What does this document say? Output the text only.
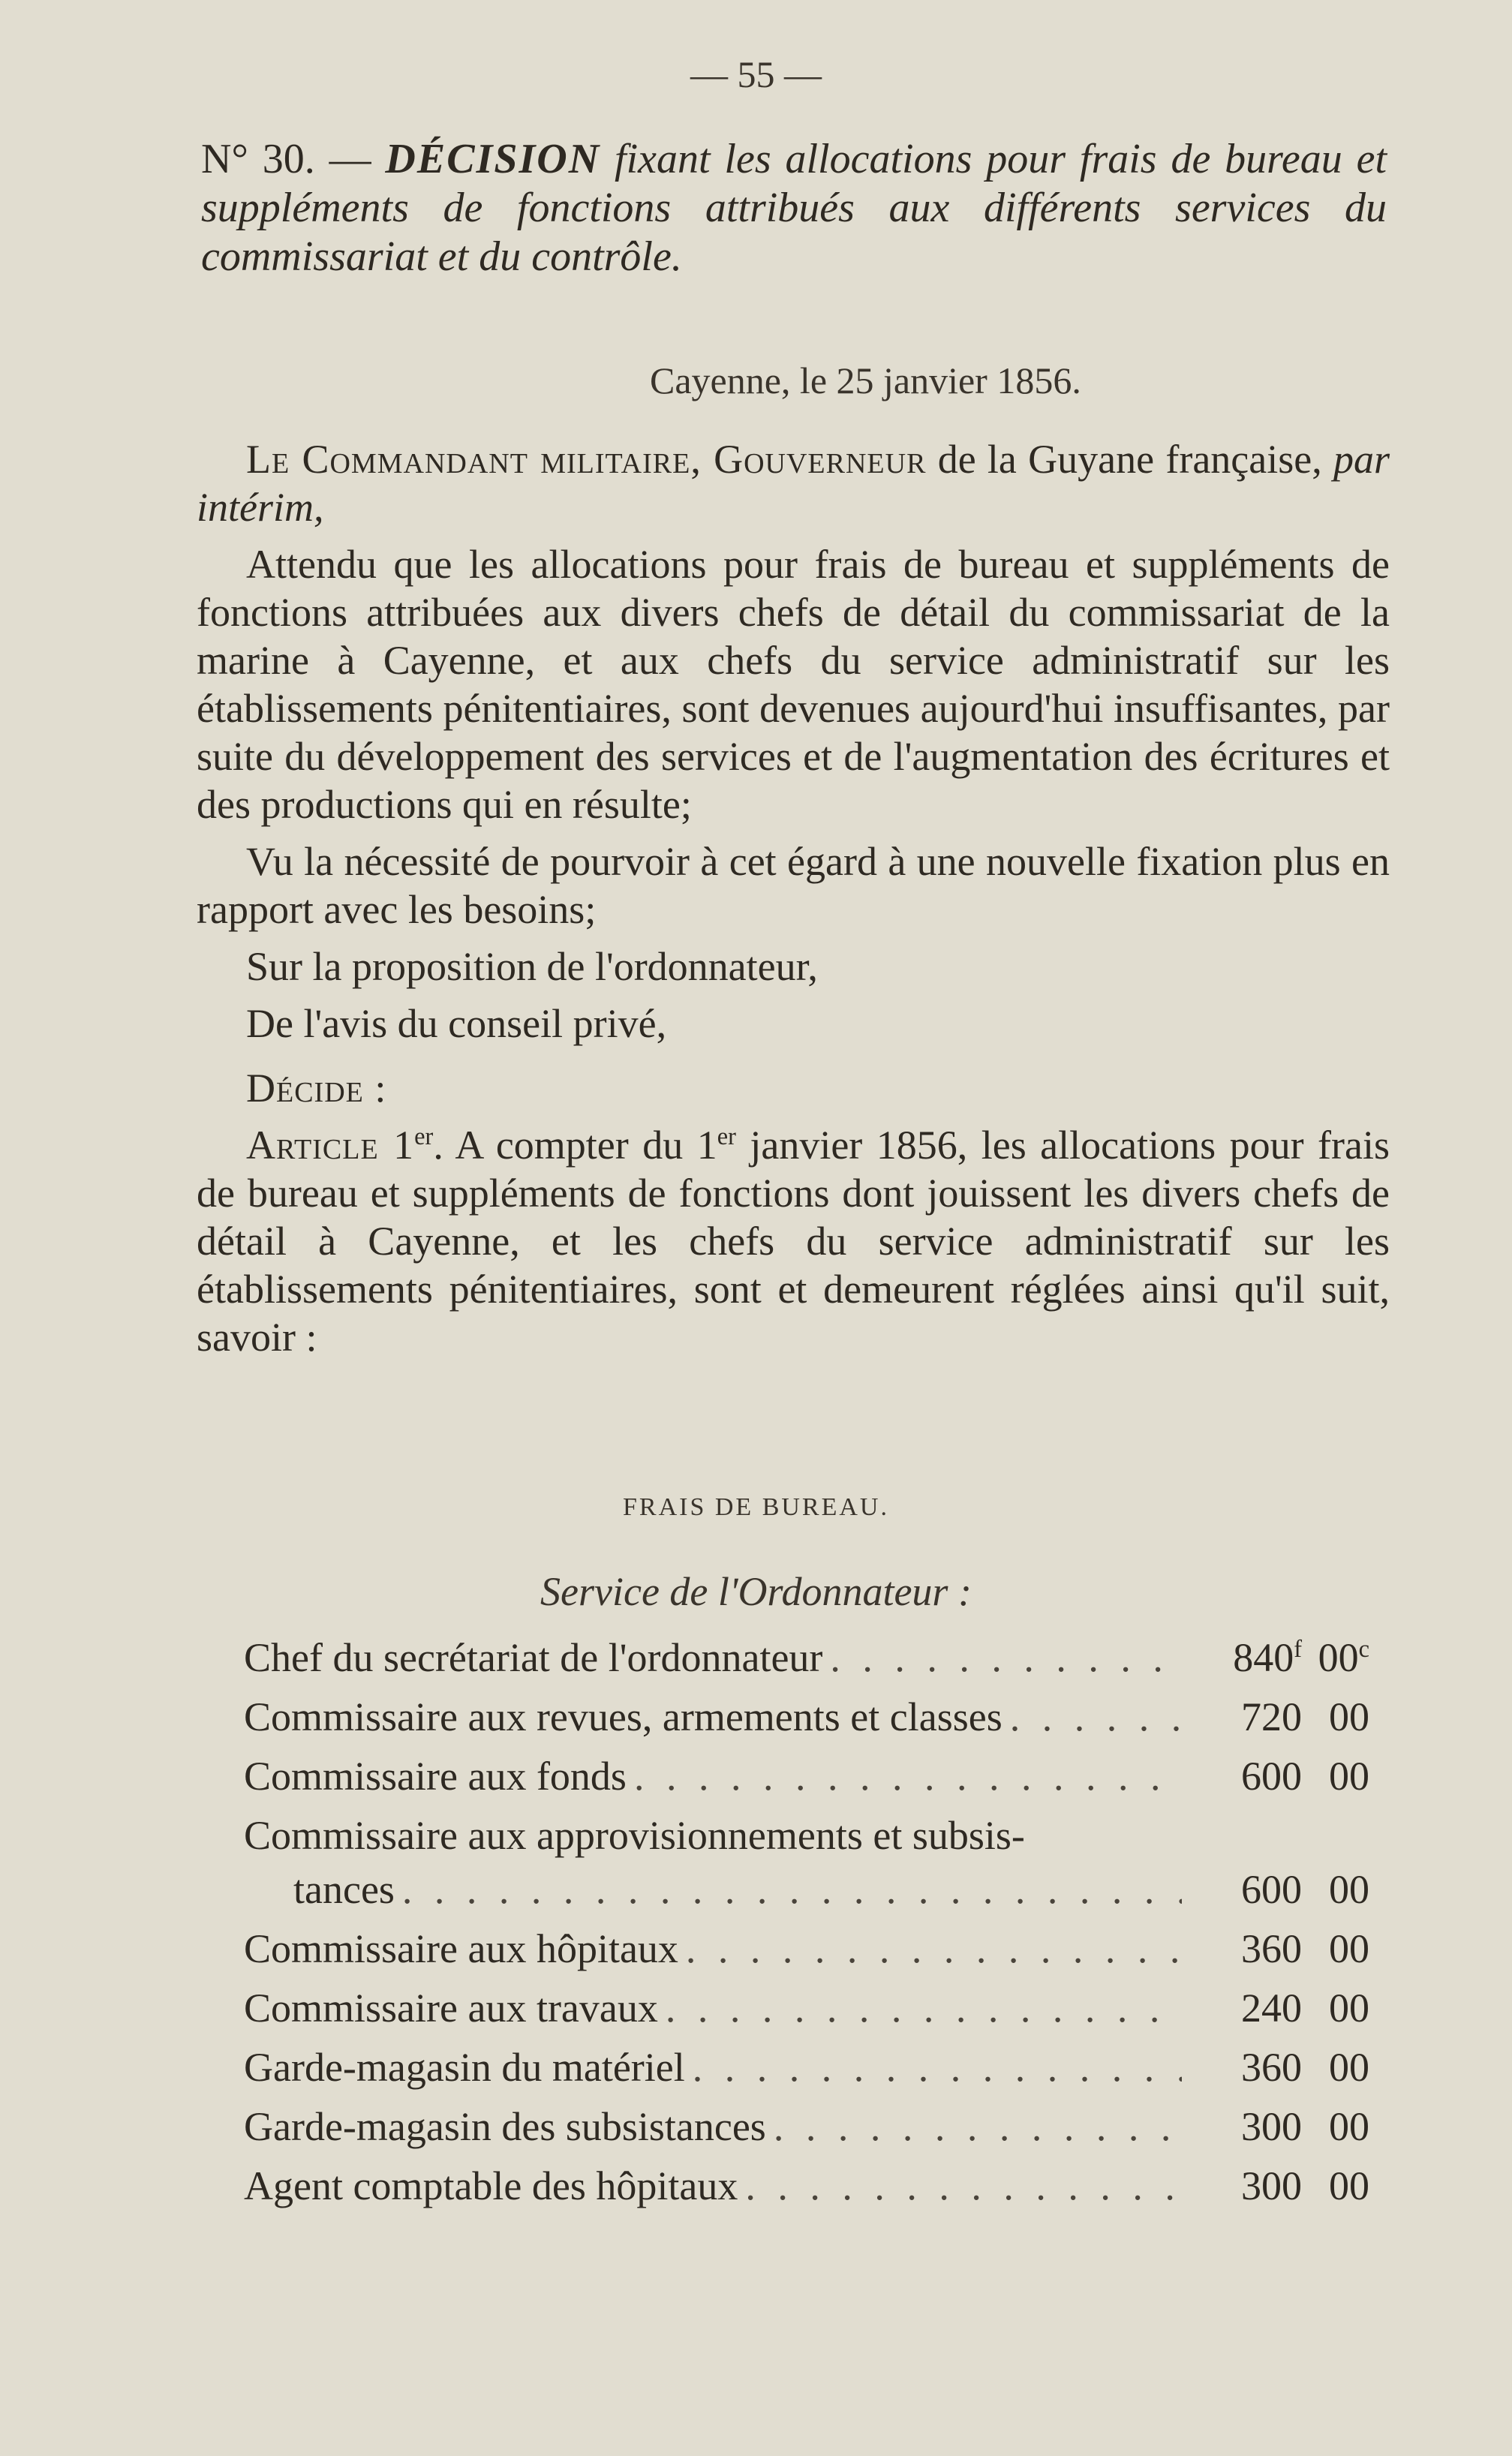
— 55 —
N° 30. — DÉCISION fixant les allocations pour frais de bureau et suppléments de fonctions attribués aux différents services du commissariat et du contrôle.
Cayenne, le 25 janvier 1856.

Le Commandant militaire, Gouverneur de la Guyane française, par intérim,

Attendu que les allocations pour frais de bureau et suppléments de fonctions attribuées aux divers chefs de détail du commissariat de la marine à Cayenne, et aux chefs du service administratif sur les établissements pénitentiaires, sont devenues aujourd'hui insuffisantes, par suite du développement des services et de l'augmentation des écritures et des productions qui en résulte;

Vu la nécessité de pourvoir à cet égard à une nouvelle fixation plus en rapport avec les besoins;

Sur la proposition de l'ordonnateur,

De l'avis du conseil privé,

Décide :

Article 1er. A compter du 1er janvier 1856, les allocations pour frais de bureau et suppléments de fonctions dont jouissent les divers chefs de détail à Cayenne, et les chefs du service administratif sur les établissements pénitentiaires, sont et demeurent réglées ainsi qu'il suit, savoir :

FRAIS DE BUREAU.
Service de l'Ordonnateur :
Chef du secrétariat de l'ordonnateur . . .	840$^f$ 00$^c$
Commissaire aux revues, armements et classes . . .	720 00
Commissaire aux fonds . . .	600 00
Commissaire aux approvisionnements et subsis-
tances . . .	600 00
Commissaire aux hôpitaux . . .	360 00
Commissaire aux travaux . . .	240 00
Garde-magasin du matériel . . .	360 00
Garde-magasin des subsistances . . .	300 00
Agent comptable des hôpitaux . . .	300 00
